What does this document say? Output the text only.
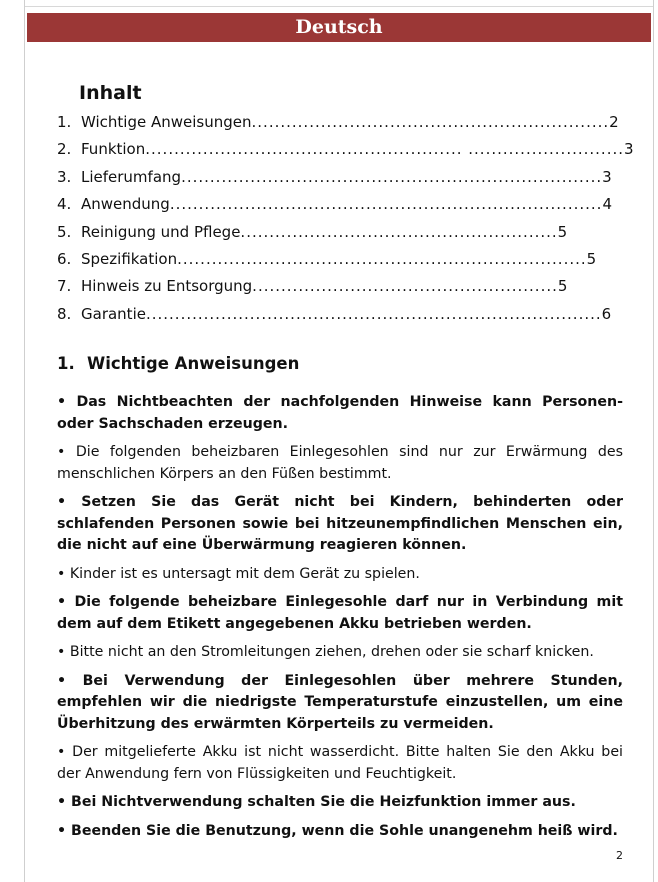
Deutsch
Inhalt
1. Wichtige Anweisungen .............................................................. 2
2. Funktion ....................................................... ........................... 3
3. Lieferumfang ......................................................................... 3
4. Anwendung ........................................................................... 4
5. Reinigung und Pflege ....................................................... 5
6. Spezifikation ....................................................................... 5
7. Hinweis zu Entsorgung ..................................................... 5
8. Garantie ............................................................................... 6
1. Wichtige Anweisungen

• Das Nichtbeachten der nachfolgenden Hinweise kann Personen- oder Sachschaden erzeugen.

• Die folgenden beheizbaren Einlegesohlen sind nur zur Erwärmung des menschlichen Körpers an den Füßen bestimmt.

• Setzen Sie das Gerät nicht bei Kindern, behinderten oder schlafenden Personen sowie bei hitzeunempfindlichen Menschen ein, die nicht auf eine Überwärmung reagieren können.

• Kinder ist es untersagt mit dem Gerät zu spielen.

• Die folgende beheizbare Einlegesohle darf nur in Verbindung mit dem auf dem Etikett angegebenen Akku betrieben werden.

• Bitte nicht an den Stromleitungen ziehen, drehen oder sie scharf knicken.

• Bei Verwendung der Einlegesohlen über mehrere Stunden, empfehlen wir die niedrigste Temperaturstufe einzustellen, um eine Überhitzung des erwärmten Körperteils zu vermeiden.

• Der mitgelieferte Akku ist nicht wasserdicht. Bitte halten Sie den Akku bei der Anwendung fern von Flüssigkeiten und Feuchtigkeit.

• Bei Nichtverwendung schalten Sie die Heizfunktion immer aus.

• Beenden Sie die Benutzung, wenn die Sohle unangenehm heiß wird.

2
